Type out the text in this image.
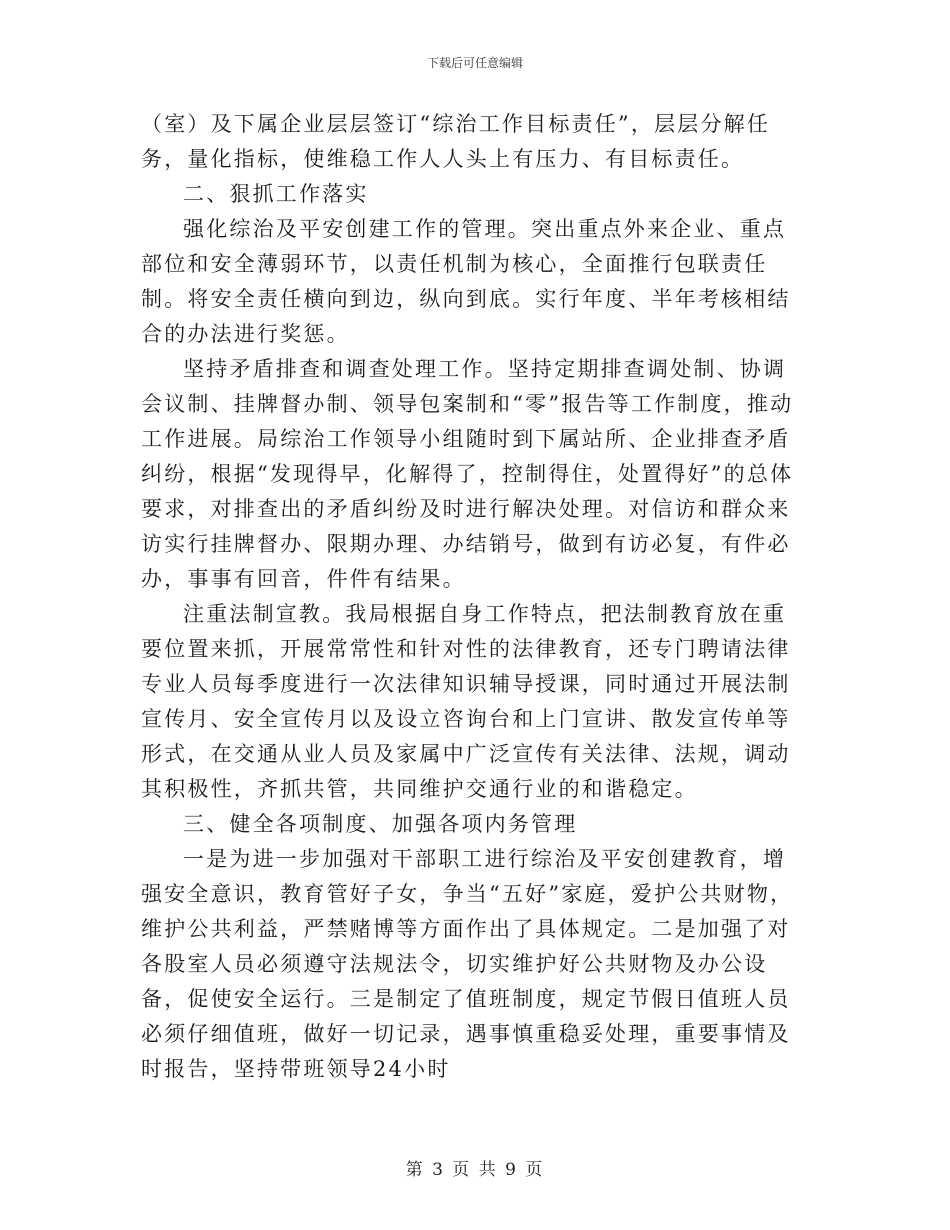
下载后可任意编辑

（室）及下属企业层层签订“综治工作目标责任”，层层分解任务，量化指标，使维稳工作人人头上有压力、有目标责任。

二、狠抓工作落实

强化综治及平安创建工作的管理。突出重点外来企业、重点部位和安全薄弱环节，以责任机制为核心，全面推行包联责任制。将安全责任横向到边，纵向到底。实行年度、半年考核相结合的办法进行奖惩。

坚持矛盾排查和调查处理工作。坚持定期排查调处制、协调会议制、挂牌督办制、领导包案制和“零”报告等工作制度，推动工作进展。局综治工作领导小组随时到下属站所、企业排查矛盾纠纷，根据“发现得早，化解得了，控制得住，处置得好”的总体要求，对排查出的矛盾纠纷及时进行解决处理。对信访和群众来访实行挂牌督办、限期办理、办结销号，做到有访必复，有件必办，事事有回音，件件有结果。

注重法制宣教。我局根据自身工作特点，把法制教育放在重要位置来抓，开展常常性和针对性的法律教育，还专门聘请法律专业人员每季度进行一次法律知识辅导授课，同时通过开展法制宣传月、安全宣传月以及设立咨询台和上门宣讲、散发宣传单等形式，在交通从业人员及家属中广泛宣传有关法律、法规，调动其积极性，齐抓共管，共同维护交通行业的和谐稳定。

三、健全各项制度、加强各项内务管理

一是为进一步加强对干部职工进行综治及平安创建教育，增强安全意识，教育管好子女，争当“五好”家庭，爱护公共财物，维护公共利益，严禁赌博等方面作出了具体规定。二是加强了对各股室人员必须遵守法规法令，切实维护好公共财物及办公设备，促使安全运行。三是制定了值班制度，规定节假日值班人员必须仔细值班，做好一切记录，遇事慎重稳妥处理，重要事情及时报告，坚持带班领导24小时

第 3 页 共 9 页
